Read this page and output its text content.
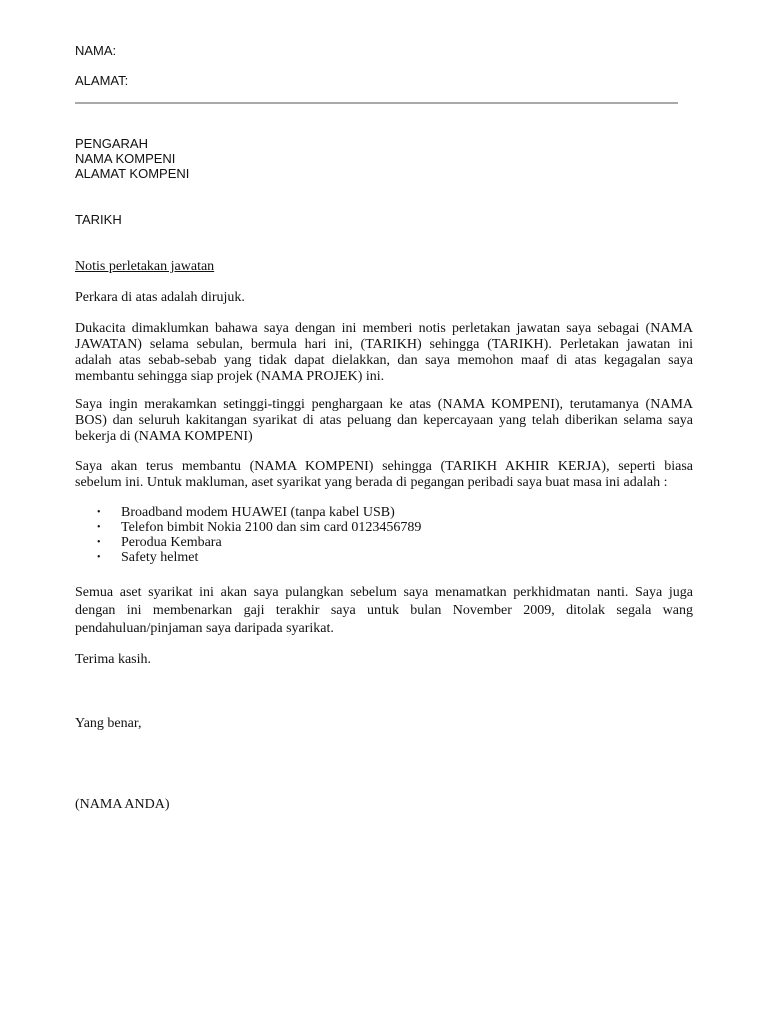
NAMA:
ALAMAT:
PENGARAH
NAMA KOMPENI
ALAMAT KOMPENI
TARIKH
Notis perletakan jawatan
Perkara di atas adalah dirujuk.
Dukacita dimaklumkan bahawa saya dengan ini memberi notis perletakan jawatan saya sebagai (NAMA
JAWATAN) selama sebulan, bermula hari ini, (TARIKH) sehingga (TARIKH). Perletakan jawatan ini
adalah atas sebab-sebab yang tidak dapat dielakkan, dan saya memohon maaf di atas kegagalan saya
membantu sehingga siap projek (NAMA PROJEK) ini.
Saya ingin merakamkan setinggi-tinggi penghargaan ke atas (NAMA KOMPENI), terutamanya (NAMA
BOS) dan seluruh kakitangan syarikat di atas peluang dan kepercayaan yang telah diberikan selama saya
bekerja di (NAMA KOMPENI)
Saya akan terus membantu (NAMA KOMPENI) sehingga (TARIKH AKHIR KERJA), seperti biasa
sebelum ini. Untuk makluman, aset syarikat yang berada di pegangan peribadi saya buat masa ini adalah :
• Broadband modem HUAWEI (tanpa kabel USB)
• Telefon bimbit Nokia 2100 dan sim card 0123456789
• Perodua Kembara
• Safety helmet
Semua aset syarikat ini akan saya pulangkan sebelum saya menamatkan perkhidmatan nanti. Saya juga
dengan ini membenarkan gaji terakhir saya untuk bulan November 2009, ditolak segala wang
pendahuluan/pinjaman saya daripada syarikat.
Terima kasih.
Yang benar,
(NAMA ANDA)
